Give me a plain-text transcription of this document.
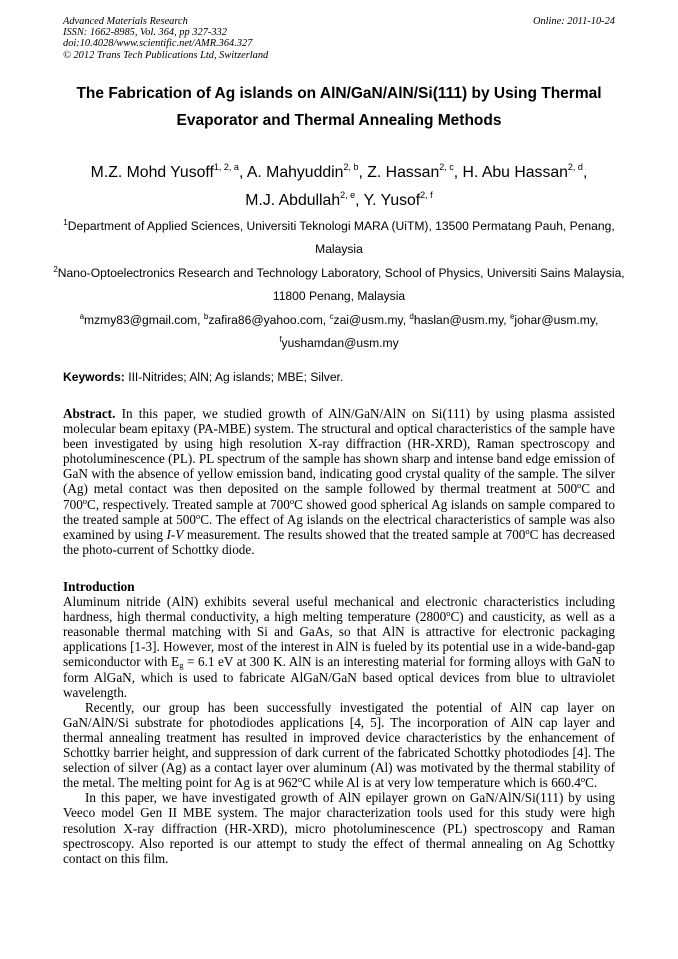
Advanced Materials Research
ISSN: 1662-8985, Vol. 364, pp 327-332
doi:10.4028/www.scientific.net/AMR.364.327
© 2012 Trans Tech Publications Ltd, Switzerland
Online: 2011-10-24
The Fabrication of Ag islands on AlN/GaN/AlN/Si(111) by Using Thermal Evaporator and Thermal Annealing Methods
M.Z. Mohd Yusoff$^{1, 2, a}$, A. Mahyuddin$^{2, b}$, Z. Hassan$^{2, c}$, H. Abu Hassan$^{2, d}$,
M.J. Abdullah$^{2, e}$, Y. Yusof$^{2, f}$

$^1$Department of Applied Sciences, Universiti Teknologi MARA (UiTM), 13500 Permatang Pauh, Penang, Malaysia

$^2$Nano-Optoelectronics Research and Technology Laboratory, School of Physics, Universiti Sains Malaysia, 11800 Penang, Malaysia

$^a$mzmy83@gmail.com, $^b$zafira86@yahoo.com, $^c$zai@usm.my, $^d$haslan@usm.my, $^e$johar@usm.my,
$^f$yushamdan@usm.my

Keywords: III-Nitrides; AlN; Ag islands; MBE; Silver.

Abstract. In this paper, we studied growth of AlN/GaN/AlN on Si(111) by using plasma assisted molecular beam epitaxy (PA-MBE) system. The structural and optical characteristics of the sample have been investigated by using high resolution X-ray diffraction (HR-XRD), Raman spectroscopy and photoluminescence (PL). PL spectrum of the sample has shown sharp and intense band edge emission of GaN with the absence of yellow emission band, indicating good crystal quality of the sample. The silver (Ag) metal contact was then deposited on the sample followed by thermal treatment at 500$^o$C and 700$^o$C, respectively. Treated sample at 700$^o$C showed good spherical Ag islands on sample compared to the treated sample at 500$^o$C. The effect of Ag islands on the electrical characteristics of sample was also examined by using I-V measurement. The results showed that the treated sample at 700$^o$C has decreased the photo-current of Schottky diode.

Introduction

Aluminum nitride (AlN) exhibits several useful mechanical and electronic characteristics including hardness, high thermal conductivity, a high melting temperature (2800$^o$C) and causticity, as well as a reasonable thermal matching with Si and GaAs, so that AlN is attractive for electronic packaging applications [1-3]. However, most of the interest in AlN is fueled by its potential use in a wide-band-gap semiconductor with $E_g = 6.1$ eV at 300 K. AlN is an interesting material for forming alloys with GaN to form AlGaN, which is used to fabricate AlGaN/GaN based optical devices from blue to ultraviolet wavelength.

Recently, our group has been successfully investigated the potential of AlN cap layer on GaN/AlN/Si substrate for photodiodes applications [4, 5]. The incorporation of AlN cap layer and thermal annealing treatment has resulted in improved device characteristics by the enhancement of Schottky barrier height, and suppression of dark current of the fabricated Schottky photodiodes [4]. The selection of silver (Ag) as a contact layer over aluminum (Al) was motivated by the thermal stability of the metal. The melting point for Ag is at 962$^o$C while Al is at very low temperature which is 660.4$^o$C.

In this paper, we have investigated growth of AlN epilayer grown on GaN/AlN/Si(111) by using Veeco model Gen II MBE system. The major characterization tools used for this study were high resolution X-ray diffraction (HR-XRD), micro photoluminescence (PL) spectroscopy and Raman spectroscopy. Also reported is our attempt to study the effect of thermal annealing on Ag Schottky contact on this film.
